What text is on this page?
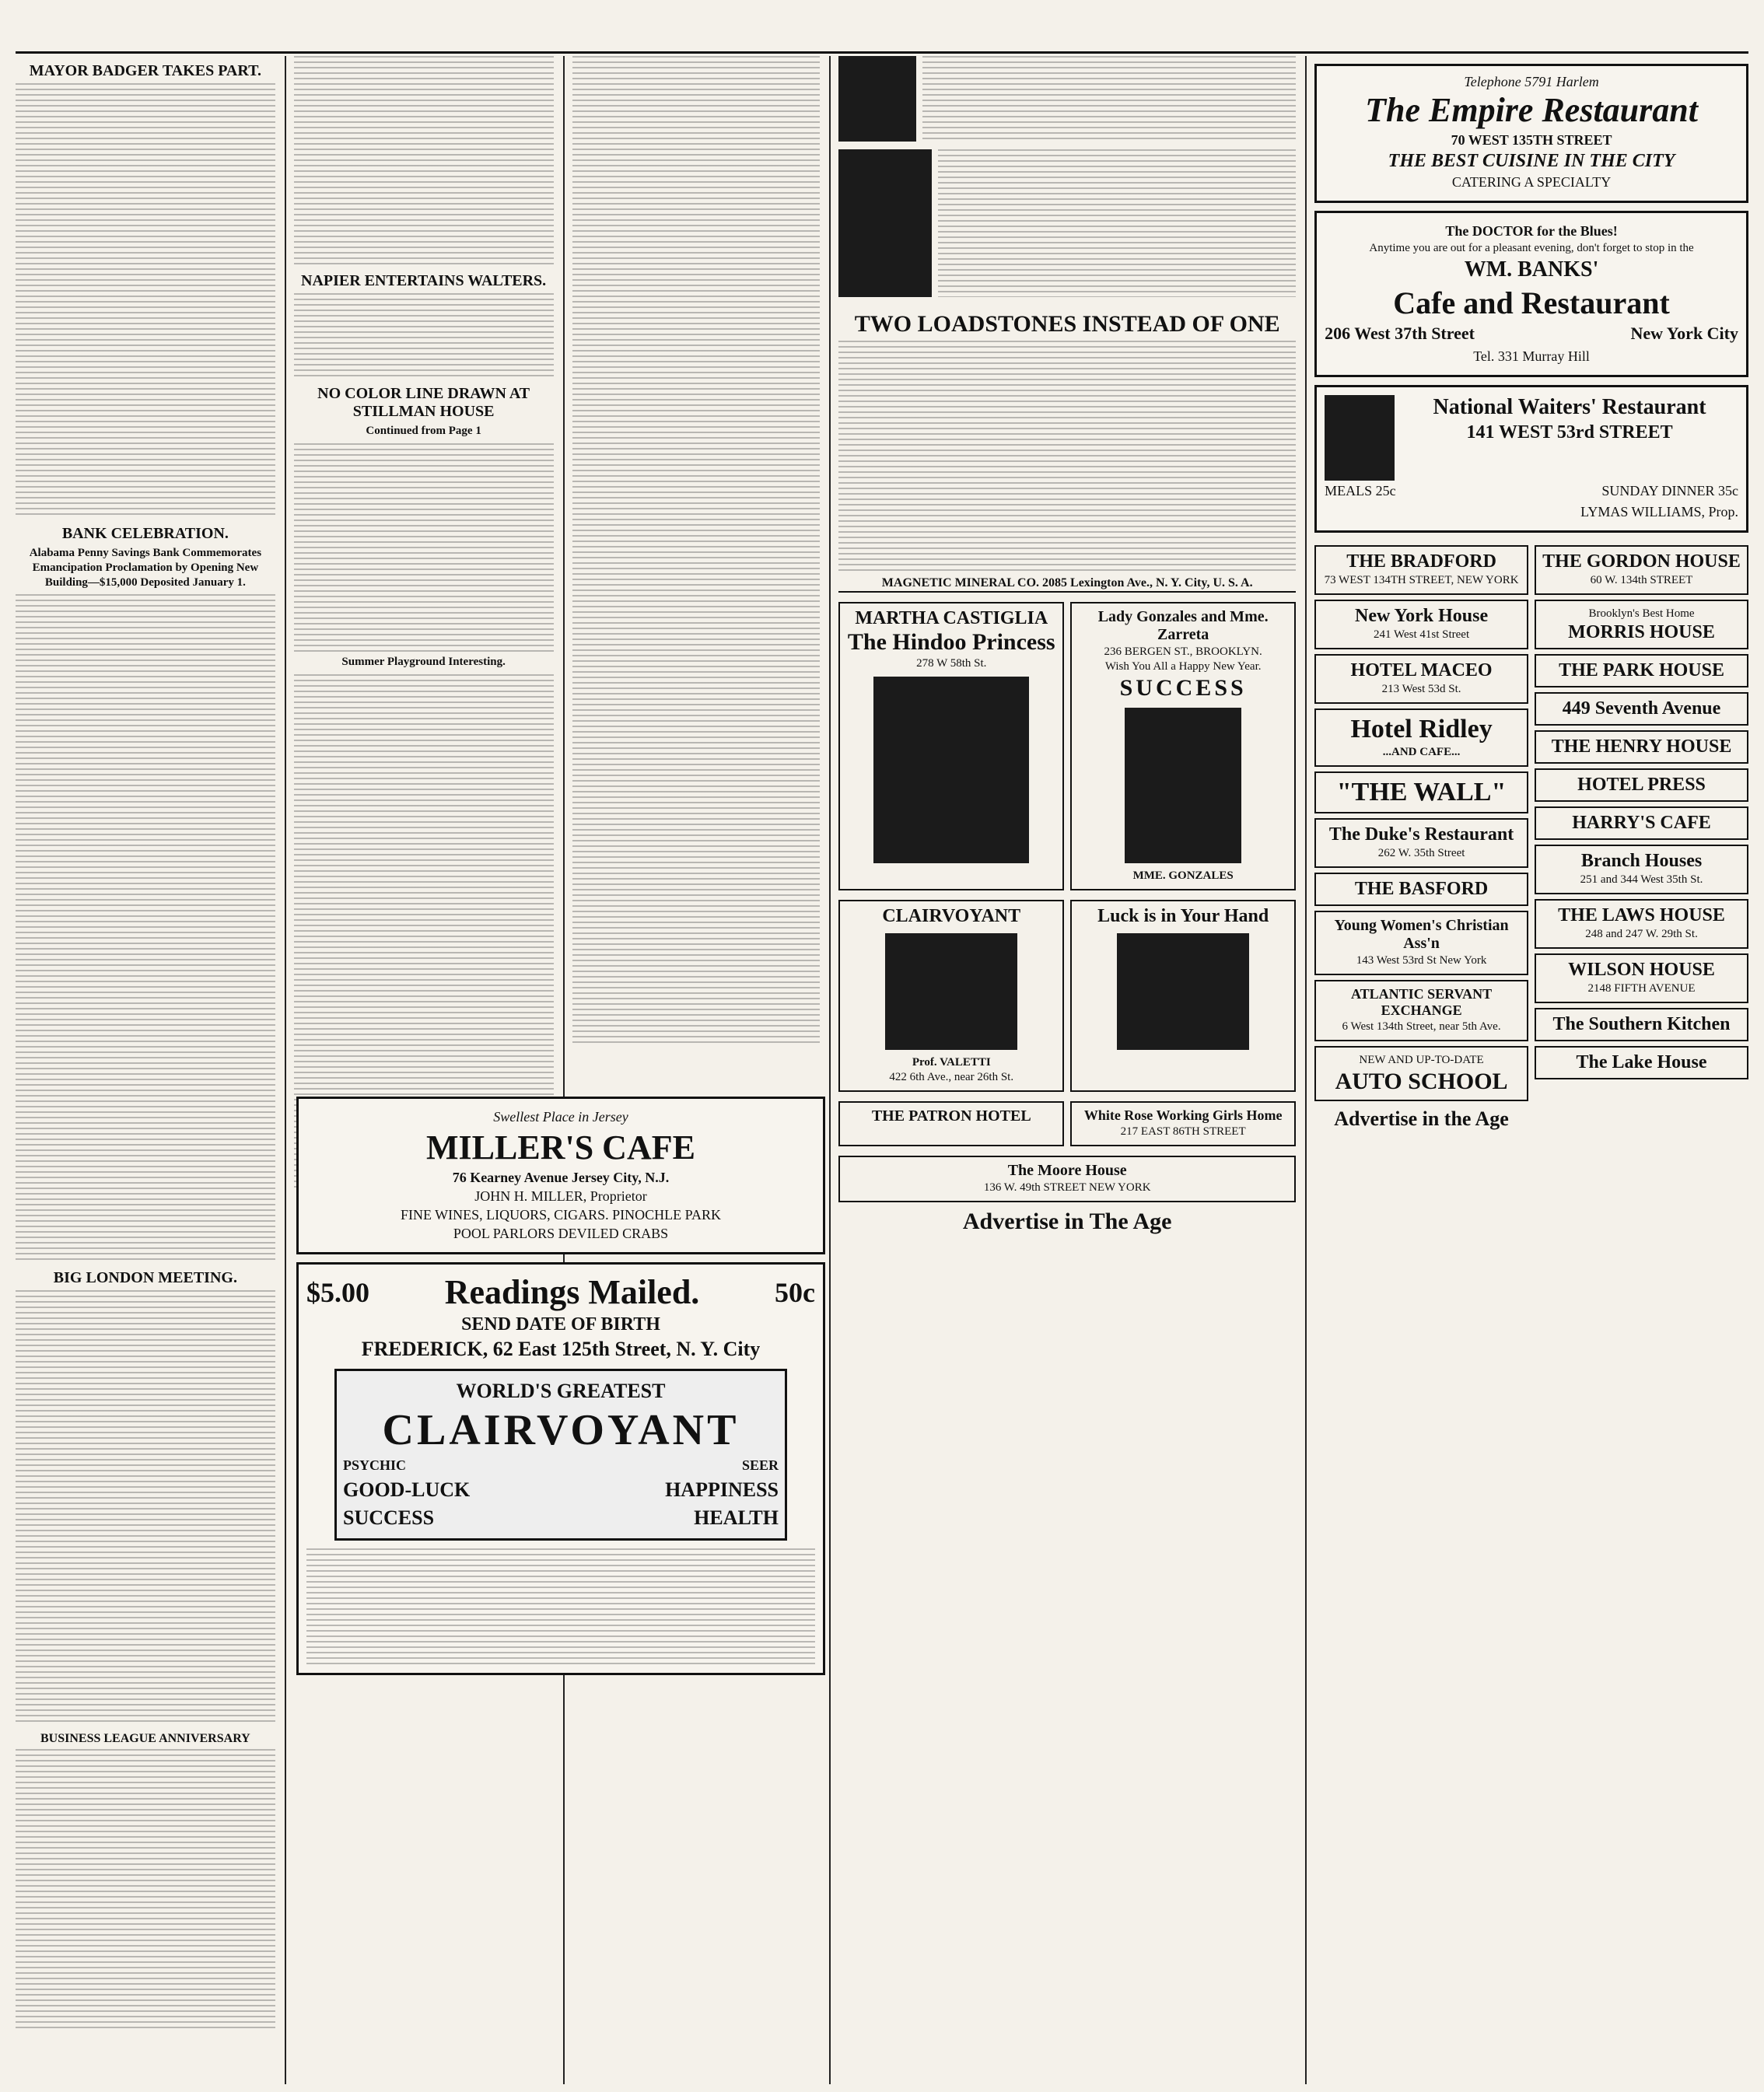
MAYOR BADGER TAKES PART.
BANK CELEBRATION.
Alabama Penny Savings Bank Commemorates Emancipation Proclamation by Opening New Building—$15,000 Deposited January 1.
BIG LONDON MEETING.
BUSINESS LEAGUE ANNIVERSARY
NAPIER ENTERTAINS WALTERS.
NO COLOR LINE DRAWN AT STILLMAN HOUSE
Continued from Page 1
Summer Playground Interesting.
TWO LOADSTONES INSTEAD OF ONE
MAGNETIC MINERAL CO. 2085 Lexington Ave., N. Y. City, U. S. A.
MARTHA CASTIGLIA
The Hindoo Princess
278 W 58th St.
Lady Gonzales and Mme. Zarreta
236 BERGEN ST., BROOKLYN.
Wish You All a Happy New Year.
SUCCESS
MME. GONZALES
CLAIRVOYANT
Prof. VALETTI
422 6th Ave., near 26th St.
Luck is in Your Hand
THE PATRON HOTEL	White Rose Working Girls Home
217 EAST 86TH STREET
The Moore House
136 W. 49th STREET NEW YORK
Advertise in The Age
Telephone 5791 Harlem
The Empire Restaurant
70 WEST 135TH STREET
THE BEST CUISINE IN THE CITY
CATERING A SPECIALTY
The DOCTOR for the Blues!
Anytime you are out for a pleasant evening, don't forget to stop in the
WM. BANKS'
Cafe and Restaurant
206 West 37th Street	New York City
Tel. 331 Murray Hill
National Waiters' Restaurant
141 WEST 53rd STREET
MEALS 25c	SUNDAY DINNER 35c
LYMAS WILLIAMS, Prop.
THE BRADFORD
73 WEST 134TH STREET, NEW YORK
New York House
241 West 41st Street
HOTEL MACEO
213 West 53d St.
Hotel Ridley
...AND CAFE...
"THE WALL"
The Duke's Restaurant
262 W. 35th Street
THE BASFORD
Young Women's Christian Ass'n
143 West 53rd St New York
ATLANTIC SERVANT EXCHANGE
6 West 134th Street, near 5th Ave.
NEW AND UP-TO-DATE
AUTO SCHOOL
Advertise in the Age
THE GORDON HOUSE
60 W. 134th STREET
Brooklyn's Best Home
MORRIS HOUSE
THE PARK HOUSE
449 Seventh Avenue
THE HENRY HOUSE
HOTEL PRESS
HARRY'S CAFE
Branch Houses
251 and 344 West 35th St.
THE LAWS HOUSE
248 and 247 W. 29th St.
WILSON HOUSE
2148 FIFTH AVENUE
The Southern Kitchen
The Lake House
Swellest Place in Jersey
MILLER'S CAFE
76 Kearney Avenue Jersey City, N.J.
JOHN H. MILLER, Proprietor
FINE WINES, LIQUORS, CIGARS. PINOCHLE PARK
POOL PARLORS DEVILED CRABS
$5.00 Readings Mailed.	50c
SEND DATE OF BIRTH
FREDERICK, 62 East 125th Street, N. Y. City
WORLD'S GREATEST
CLAIRVOYANT
PSYCHIC	SEER
GOOD-LUCK	HAPPINESS
SUCCESS	HEALTH
